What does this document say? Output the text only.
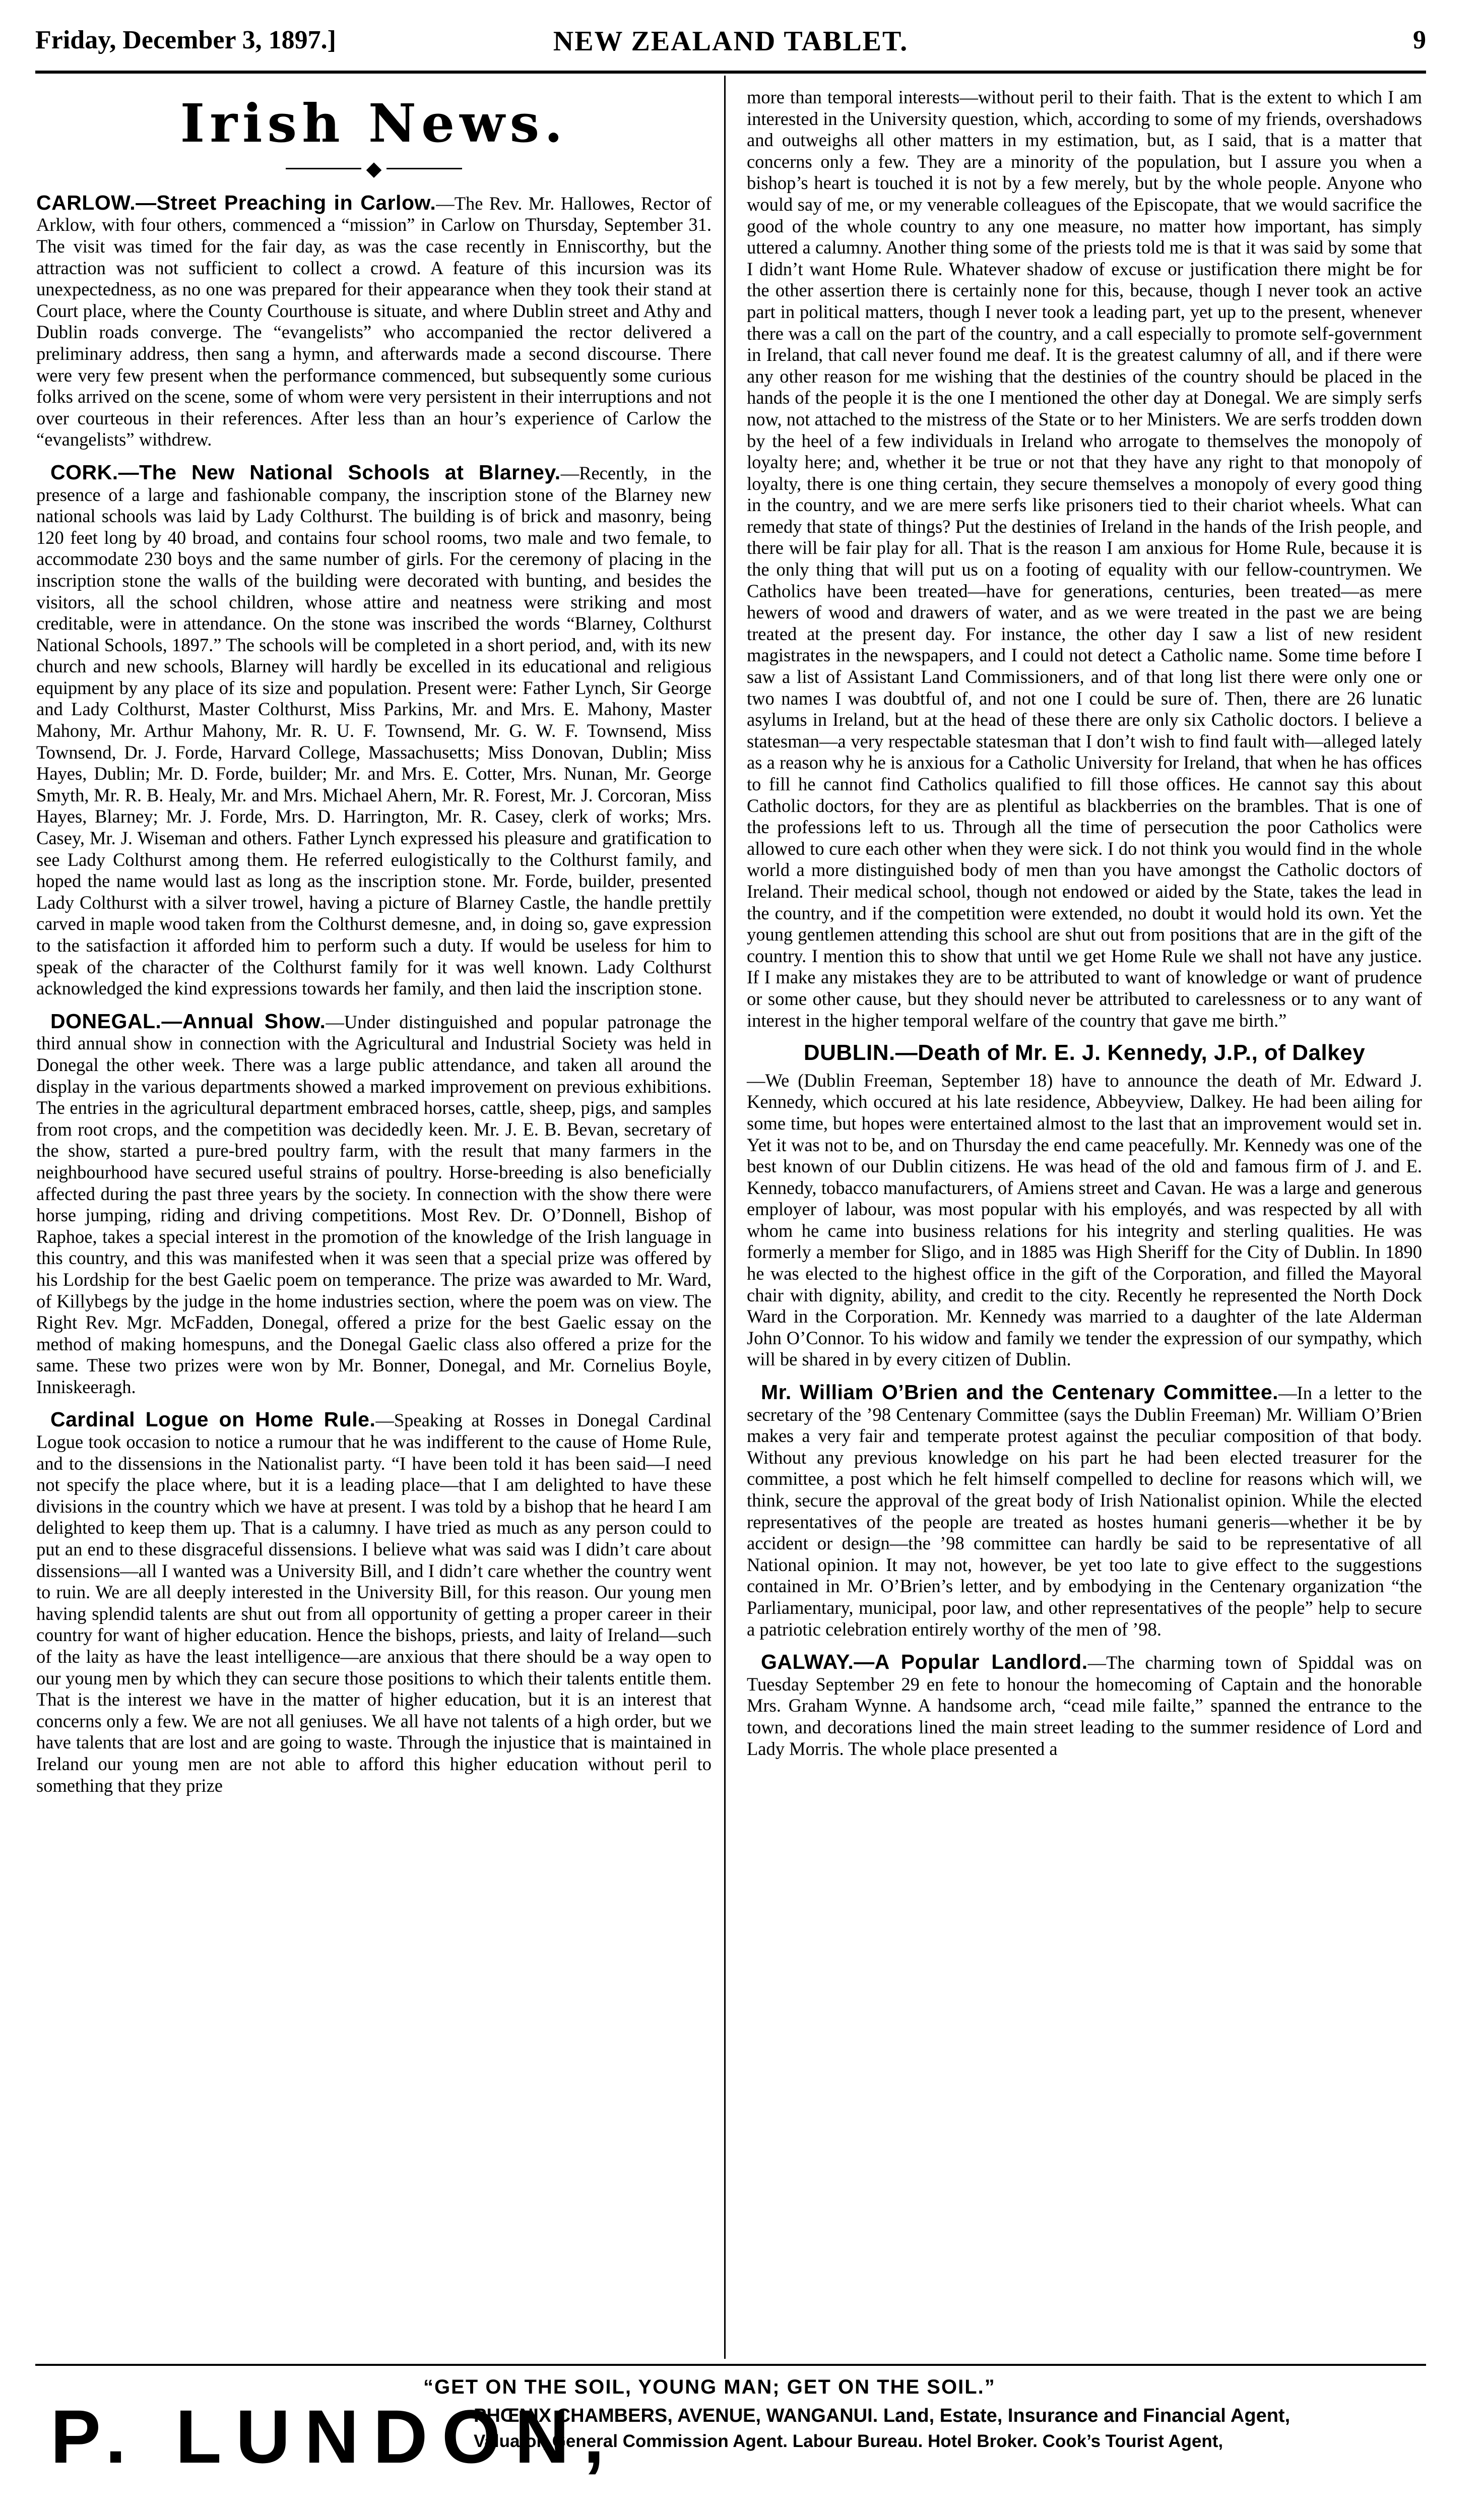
Friday, December 3, 1897.]	NEW ZEALAND TABLET.	9
Irish News.
◆

CARLOW.—Street Preaching in Carlow.—The Rev. Mr. Hallowes, Rector of Arklow, with four others, commenced a “mission” in Carlow on Thursday, September 31. The visit was timed for the fair day, as was the case recently in Enniscorthy, but the attraction was not sufficient to collect a crowd. A feature of this incursion was its unexpectedness, as no one was prepared for their appearance when they took their stand at Court place, where the County Courthouse is situate, and where Dublin street and Athy and Dublin roads converge. The “evangelists” who accompanied the rector delivered a preliminary address, then sang a hymn, and afterwards made a second discourse. There were very few present when the performance commenced, but subsequently some curious folks arrived on the scene, some of whom were very persistent in their interruptions and not over courteous in their references. After less than an hour’s experience of Carlow the “evangelists” withdrew.

CORK.—The New National Schools at Blarney.—Recently, in the presence of a large and fashionable company, the inscription stone of the Blarney new national schools was laid by Lady Colthurst. The building is of brick and masonry, being 120 feet long by 40 broad, and contains four school rooms, two male and two female, to accommodate 230 boys and the same number of girls. For the ceremony of placing in the inscription stone the walls of the building were decorated with bunting, and besides the visitors, all the school children, whose attire and neatness were striking and most creditable, were in attendance. On the stone was inscribed the words “Blarney, Colthurst National Schools, 1897.” The schools will be completed in a short period, and, with its new church and new schools, Blarney will hardly be excelled in its educational and religious equipment by any place of its size and population. Present were: Father Lynch, Sir George and Lady Colthurst, Master Colthurst, Miss Parkins, Mr. and Mrs. E. Mahony, Master Mahony, Mr. Arthur Mahony, Mr. R. U. F. Townsend, Mr. G. W. F. Townsend, Miss Townsend, Dr. J. Forde, Harvard College, Massachusetts; Miss Donovan, Dublin; Miss Hayes, Dublin; Mr. D. Forde, builder; Mr. and Mrs. E. Cotter, Mrs. Nunan, Mr. George Smyth, Mr. R. B. Healy, Mr. and Mrs. Michael Ahern, Mr. R. Forest, Mr. J. Corcoran, Miss Hayes, Blarney; Mr. J. Forde, Mrs. D. Harrington, Mr. R. Casey, clerk of works; Mrs. Casey, Mr. J. Wiseman and others. Father Lynch expressed his pleasure and gratification to see Lady Colthurst among them. He referred eulogistically to the Colthurst family, and hoped the name would last as long as the inscription stone. Mr. Forde, builder, presented Lady Colthurst with a silver trowel, having a picture of Blarney Castle, the handle prettily carved in maple wood taken from the Colthurst demesne, and, in doing so, gave expression to the satisfaction it afforded him to perform such a duty. If would be useless for him to speak of the character of the Colthurst family for it was well known. Lady Colthurst acknowledged the kind expressions towards her family, and then laid the inscription stone.

DONEGAL.—Annual Show.—Under distinguished and popular patronage the third annual show in connection with the Agricultural and Industrial Society was held in Donegal the other week. There was a large public attendance, and taken all around the display in the various departments showed a marked improvement on previous exhibitions. The entries in the agricultural department embraced horses, cattle, sheep, pigs, and samples from root crops, and the competition was decidedly keen. Mr. J. E. B. Bevan, secretary of the show, started a pure-bred poultry farm, with the result that many farmers in the neighbourhood have secured useful strains of poultry. Horse-breeding is also beneficially affected during the past three years by the society. In connection with the show there were horse jumping, riding and driving competitions. Most Rev. Dr. O’Donnell, Bishop of Raphoe, takes a special interest in the promotion of the knowledge of the Irish language in this country, and this was manifested when it was seen that a special prize was offered by his Lordship for the best Gaelic poem on temperance. The prize was awarded to Mr. Ward, of Killybegs by the judge in the home industries section, where the poem was on view. The Right Rev. Mgr. McFadden, Donegal, offered a prize for the best Gaelic essay on the method of making homespuns, and the Donegal Gaelic class also offered a prize for the same. These two prizes were won by Mr. Bonner, Donegal, and Mr. Cornelius Boyle, Inniskeeragh.

Cardinal Logue on Home Rule.—Speaking at Rosses in Donegal Cardinal Logue took occasion to notice a rumour that he was indifferent to the cause of Home Rule, and to the dissensions in the Nationalist party. “I have been told it has been said—I need not specify the place where, but it is a leading place—that I am delighted to have these divisions in the country which we have at present. I was told by a bishop that he heard I am delighted to keep them up. That is a calumny. I have tried as much as any person could to put an end to these disgraceful dissensions. I believe what was said was I didn’t care about dissensions—all I wanted was a University Bill, and I didn’t care whether the country went to ruin. We are all deeply interested in the University Bill, for this reason. Our young men having splendid talents are shut out from all opportunity of getting a proper career in their country for want of higher education. Hence the bishops, priests, and laity of Ireland—such of the laity as have the least intelligence—are anxious that there should be a way open to our young men by which they can secure those positions to which their talents entitle them. That is the interest we have in the matter of higher education, but it is an interest that concerns only a few. We are not all geniuses. We all have not talents of a high order, but we have talents that are lost and are going to waste. Through the injustice that is maintained in Ireland our young men are not able to afford this higher education without peril to something that they prize

more than temporal interests—without peril to their faith. That is the extent to which I am interested in the University question, which, according to some of my friends, overshadows and outweighs all other matters in my estimation, but, as I said, that is a matter that concerns only a few. They are a minority of the population, but I assure you when a bishop’s heart is touched it is not by a few merely, but by the whole people. Anyone who would say of me, or my venerable colleagues of the Episcopate, that we would sacrifice the good of the whole country to any one measure, no matter how important, has simply uttered a calumny. Another thing some of the priests told me is that it was said by some that I didn’t want Home Rule. Whatever shadow of excuse or justification there might be for the other assertion there is certainly none for this, because, though I never took an active part in political matters, though I never took a leading part, yet up to the present, whenever there was a call on the part of the country, and a call especially to promote self-government in Ireland, that call never found me deaf. It is the greatest calumny of all, and if there were any other reason for me wishing that the destinies of the country should be placed in the hands of the people it is the one I mentioned the other day at Donegal. We are simply serfs now, not attached to the mistress of the State or to her Ministers. We are serfs trodden down by the heel of a few individuals in Ireland who arrogate to themselves the monopoly of loyalty here; and, whether it be true or not that they have any right to that monopoly of loyalty, there is one thing certain, they secure themselves a monopoly of every good thing in the country, and we are mere serfs like prisoners tied to their chariot wheels. What can remedy that state of things? Put the destinies of Ireland in the hands of the Irish people, and there will be fair play for all. That is the reason I am anxious for Home Rule, because it is the only thing that will put us on a footing of equality with our fellow-countrymen. We Catholics have been treated—have for generations, centuries, been treated—as mere hewers of wood and drawers of water, and as we were treated in the past we are being treated at the present day. For instance, the other day I saw a list of new resident magistrates in the newspapers, and I could not detect a Catholic name. Some time before I saw a list of Assistant Land Commissioners, and of that long list there were only one or two names I was doubtful of, and not one I could be sure of. Then, there are 26 lunatic asylums in Ireland, but at the head of these there are only six Catholic doctors. I believe a statesman—a very respectable statesman that I don’t wish to find fault with—alleged lately as a reason why he is anxious for a Catholic University for Ireland, that when he has offices to fill he cannot find Catholics qualified to fill those offices. He cannot say this about Catholic doctors, for they are as plentiful as blackberries on the brambles. That is one of the professions left to us. Through all the time of persecution the poor Catholics were allowed to cure each other when they were sick. I do not think you would find in the whole world a more distinguished body of men than you have amongst the Catholic doctors of Ireland. Their medical school, though not endowed or aided by the State, takes the lead in the country, and if the competition were extended, no doubt it would hold its own. Yet the young gentlemen attending this school are shut out from positions that are in the gift of the country. I mention this to show that until we get Home Rule we shall not have any justice. If I make any mistakes they are to be attributed to want of knowledge or want of prudence or some other cause, but they should never be attributed to carelessness or to any want of interest in the higher temporal welfare of the country that gave me birth.”

DUBLIN.—Death of Mr. E. J. Kennedy, J.P., of Dalkey

—We (Dublin Freeman, September 18) have to announce the death of Mr. Edward J. Kennedy, which occured at his late residence, Abbeyview, Dalkey. He had been ailing for some time, but hopes were entertained almost to the last that an improvement would set in. Yet it was not to be, and on Thursday the end came peacefully. Mr. Kennedy was one of the best known of our Dublin citizens. He was head of the old and famous firm of J. and E. Kennedy, tobacco manufacturers, of Amiens street and Cavan. He was a large and generous employer of labour, was most popular with his employés, and was respected by all with whom he came into business relations for his integrity and sterling qualities. He was formerly a member for Sligo, and in 1885 was High Sheriff for the City of Dublin. In 1890 he was elected to the highest office in the gift of the Corporation, and filled the Mayoral chair with dignity, ability, and credit to the city. Recently he represented the North Dock Ward in the Corporation. Mr. Kennedy was married to a daughter of the late Alderman John O’Connor. To his widow and family we tender the expression of our sympathy, which will be shared in by every citizen of Dublin.

Mr. William O’Brien and the Centenary Committee.—In a letter to the secretary of the ’98 Centenary Committee (says the Dublin Freeman) Mr. William O’Brien makes a very fair and temperate protest against the peculiar composition of that body. Without any previous knowledge on his part he had been elected treasurer for the committee, a post which he felt himself compelled to decline for reasons which will, we think, secure the approval of the great body of Irish Nationalist opinion. While the elected representatives of the people are treated as hostes humani generis—whether it be by accident or design—the ’98 committee can hardly be said to be representative of all National opinion. It may not, however, be yet too late to give effect to the suggestions contained in Mr. O’Brien’s letter, and by embodying in the Centenary organization “the Parliamentary, municipal, poor law, and other representatives of the people” help to secure a patriotic celebration entirely worthy of the men of ’98.

GALWAY.—A Popular Landlord.—The charming town of Spiddal was on Tuesday September 29 en fete to honour the homecoming of Captain and the honorable Mrs. Graham Wynne. A handsome arch, “cead mile failte,” spanned the entrance to the town, and decorations lined the main street leading to the summer residence of Lord and Lady Morris. The whole place presented a

“GET ON THE SOIL, YOUNG MAN; GET ON THE SOIL.”
P. LUNDON,
PHŒNIX CHAMBERS, AVENUE, WANGANUI. Land, Estate, Insurance and Financial Agent,
Valuator, General Commission Agent. Labour Bureau. Hotel Broker. Cook’s Tourist Agent,
